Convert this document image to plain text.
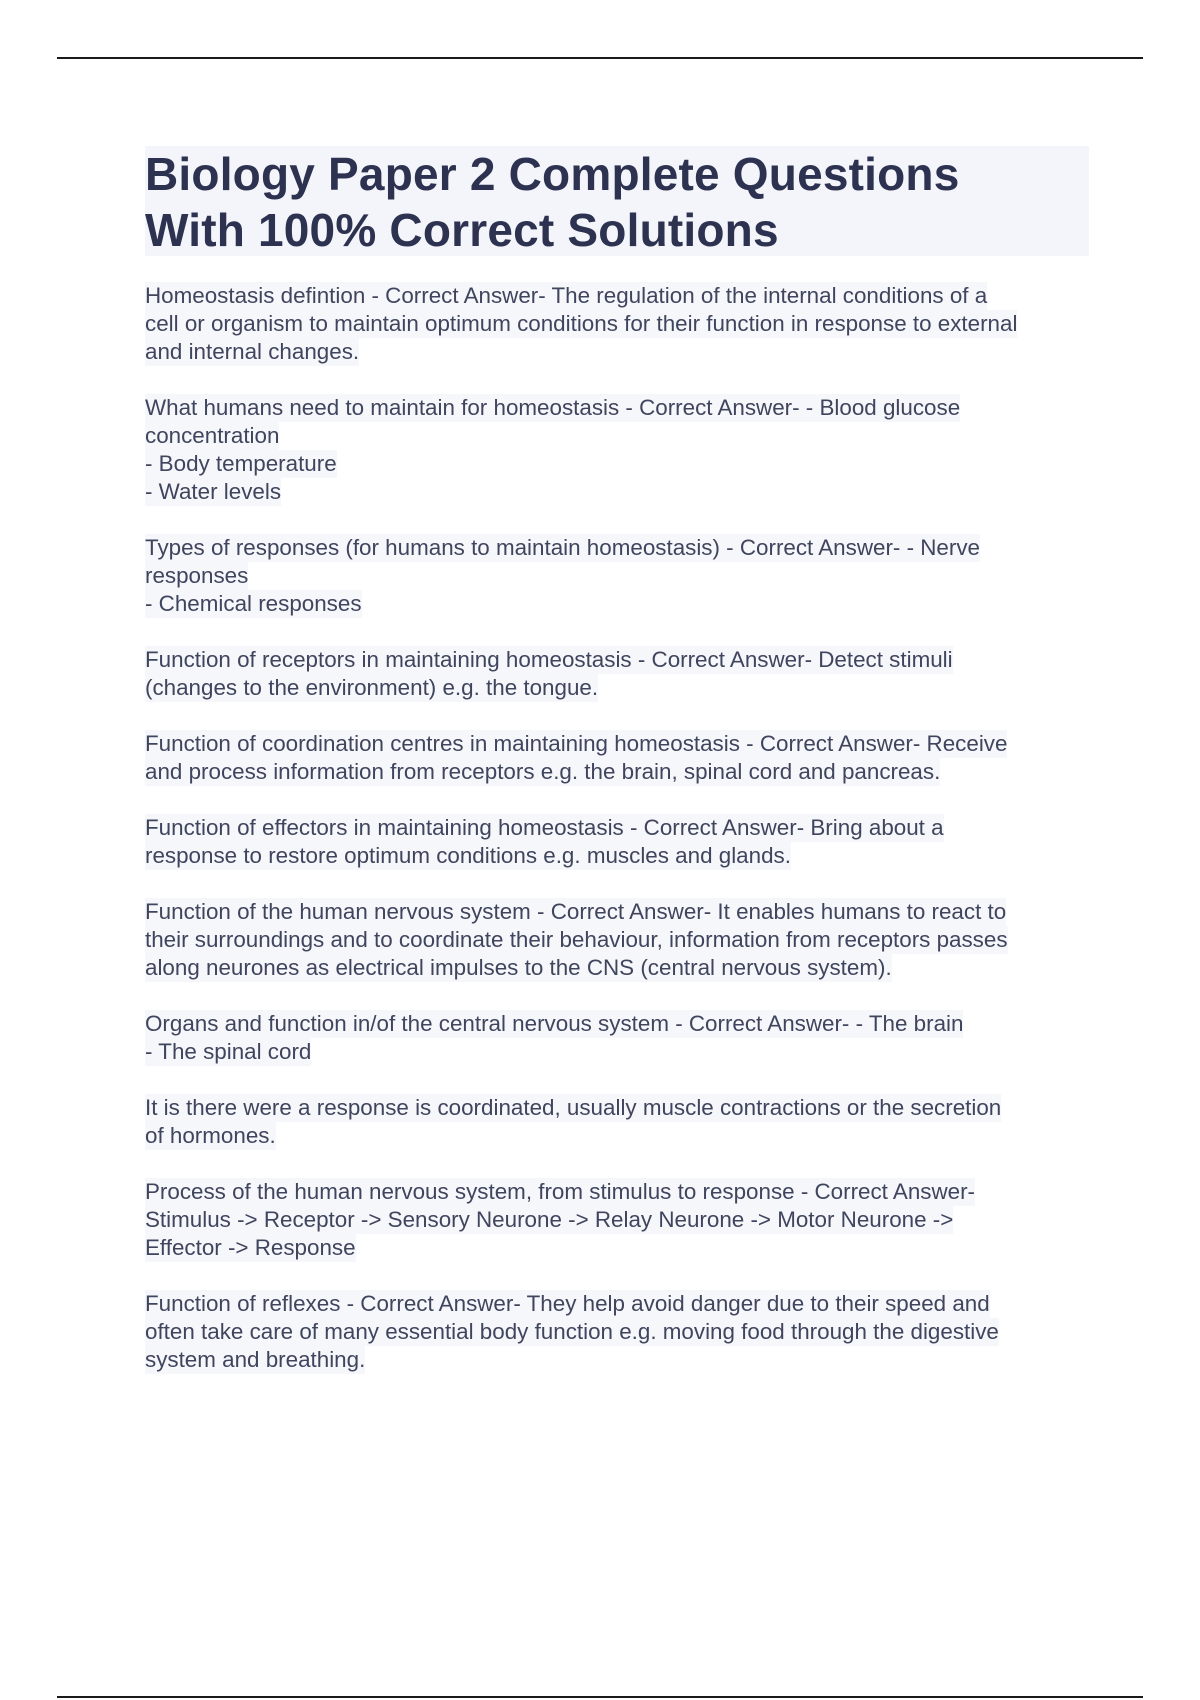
Biology Paper 2 Complete Questions
With 100% Correct Solutions

Homeostasis defintion - Correct Answer- The regulation of the internal conditions of a
cell or organism to maintain optimum conditions for their function in response to external
and internal changes.

What humans need to maintain for homeostasis - Correct Answer- - Blood glucose
concentration
- Body temperature
- Water levels

Types of responses (for humans to maintain homeostasis) - Correct Answer- - Nerve
responses
- Chemical responses

Function of receptors in maintaining homeostasis - Correct Answer- Detect stimuli
(changes to the environment) e.g. the tongue.

Function of coordination centres in maintaining homeostasis - Correct Answer- Receive
and process information from receptors e.g. the brain, spinal cord and pancreas.

Function of effectors in maintaining homeostasis - Correct Answer- Bring about a
response to restore optimum conditions e.g. muscles and glands.

Function of the human nervous system - Correct Answer- It enables humans to react to
their surroundings and to coordinate their behaviour, information from receptors passes
along neurones as electrical impulses to the CNS (central nervous system).

Organs and function in/of the central nervous system - Correct Answer- - The brain
- The spinal cord

It is there were a response is coordinated, usually muscle contractions or the secretion
of hormones.

Process of the human nervous system, from stimulus to response - Correct Answer-
Stimulus -> Receptor -> Sensory Neurone -> Relay Neurone -> Motor Neurone ->
Effector -> Response

Function of reflexes - Correct Answer- They help avoid danger due to their speed and
often take care of many essential body function e.g. moving food through the digestive
system and breathing.
